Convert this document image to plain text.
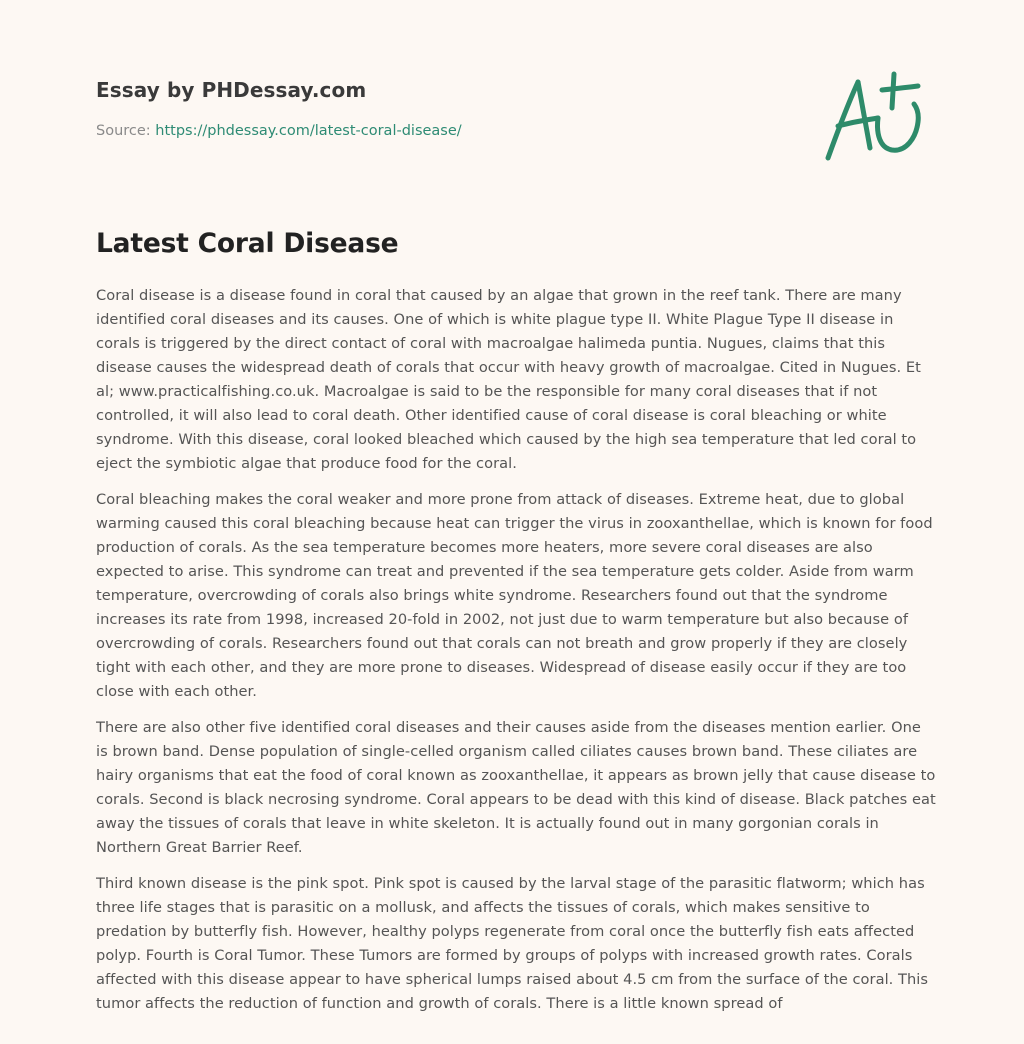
Essay by PHDessay.com
Source: https://phdessay.com/latest-coral-disease/
Latest Coral Disease

Coral disease is a disease found in coral that caused by an algae that grown in the reef tank. There are many identified coral diseases and its causes. One of which is white plague type II. White Plague Type II disease in corals is triggered by the direct contact of coral with macroalgae halimeda puntia. Nugues, claims that this disease causes the widespread death of corals that occur with heavy growth of macroalgae. Cited in Nugues. Et al; www.practicalfishing.co.uk. Macroalgae is said to be the responsible for many coral diseases that if not controlled, it will also lead to coral death. Other identified cause of coral disease is coral bleaching or white syndrome. With this disease, coral looked bleached which caused by the high sea temperature that led coral to eject the symbiotic algae that produce food for the coral.

Coral bleaching makes the coral weaker and more prone from attack of diseases. Extreme heat, due to global warming caused this coral bleaching because heat can trigger the virus in zooxanthellae, which is known for food production of corals. As the sea temperature becomes more heaters, more severe coral diseases are also expected to arise. This syndrome can treat and prevented if the sea temperature gets colder. Aside from warm temperature, overcrowding of corals also brings white syndrome. Researchers found out that the syndrome increases its rate from 1998, increased 20-fold in 2002, not just due to warm temperature but also because of overcrowding of corals. Researchers found out that corals can not breath and grow properly if they are closely tight with each other, and they are more prone to diseases. Widespread of disease easily occur if they are too close with each other.

There are also other five identified coral diseases and their causes aside from the diseases mention earlier. One is brown band. Dense population of single-celled organism called ciliates causes brown band. These ciliates are hairy organisms that eat the food of coral known as zooxanthellae, it appears as brown jelly that cause disease to corals. Second is black necrosing syndrome. Coral appears to be dead with this kind of disease. Black patches eat away the tissues of corals that leave in white skeleton. It is actually found out in many gorgonian corals in Northern Great Barrier Reef.

Third known disease is the pink spot. Pink spot is caused by the larval stage of the parasitic flatworm; which has three life stages that is parasitic on a mollusk, and affects the tissues of corals, which makes sensitive to predation by butterfly fish. However, healthy polyps regenerate from coral once the butterfly fish eats affected polyp. Fourth is Coral Tumor. These Tumors are formed by groups of polyps with increased growth rates. Corals affected with this disease appear to have spherical lumps raised about 4.5 cm from the surface of the coral. This tumor affects the reduction of function and growth of corals. There is a little known spread of
